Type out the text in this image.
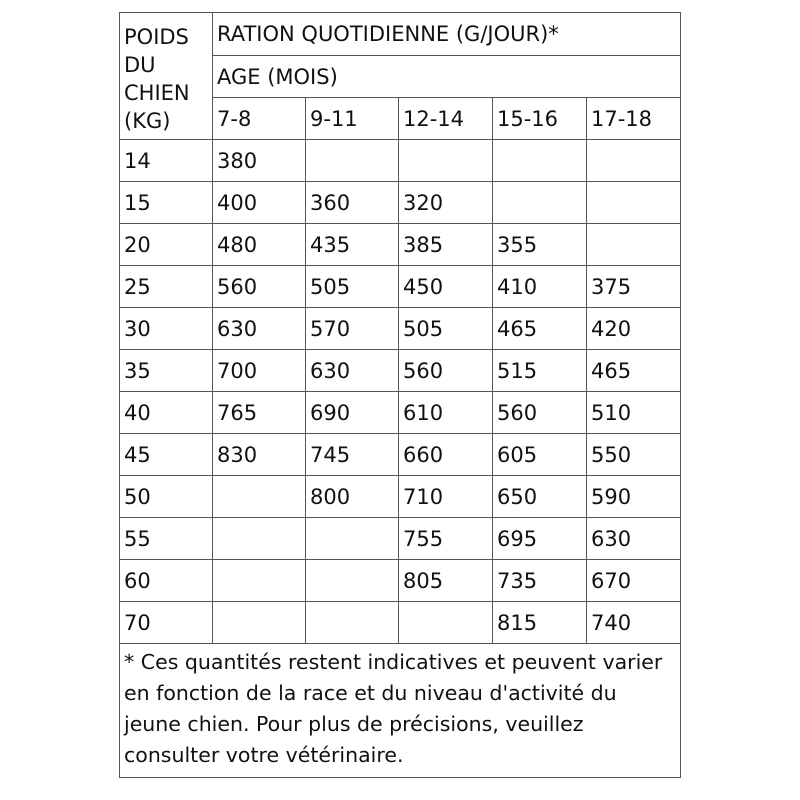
POIDS
DU
CHIEN
(KG)	RATION QUOTIDIENNE (G/JOUR)*				
	AGE (MOIS)				
	7-8	9-11	12-14	15-16	17-18
14	380				
15	400	360	320		
20	480	435	385	355	
25	560	505	450	410	375
30	630	570	505	465	420
35	700	630	560	515	465
40	765	690	610	560	510
45	830	745	660	605	550
50		800	710	650	590
55			755	695	630
60			805	735	670
70				815	740
* Ces quantités restent indicatives et peuvent varier en fonction de la race et du niveau d'activité du jeune chien. Pour plus de précisions, veuillez consulter votre vétérinaire.					
